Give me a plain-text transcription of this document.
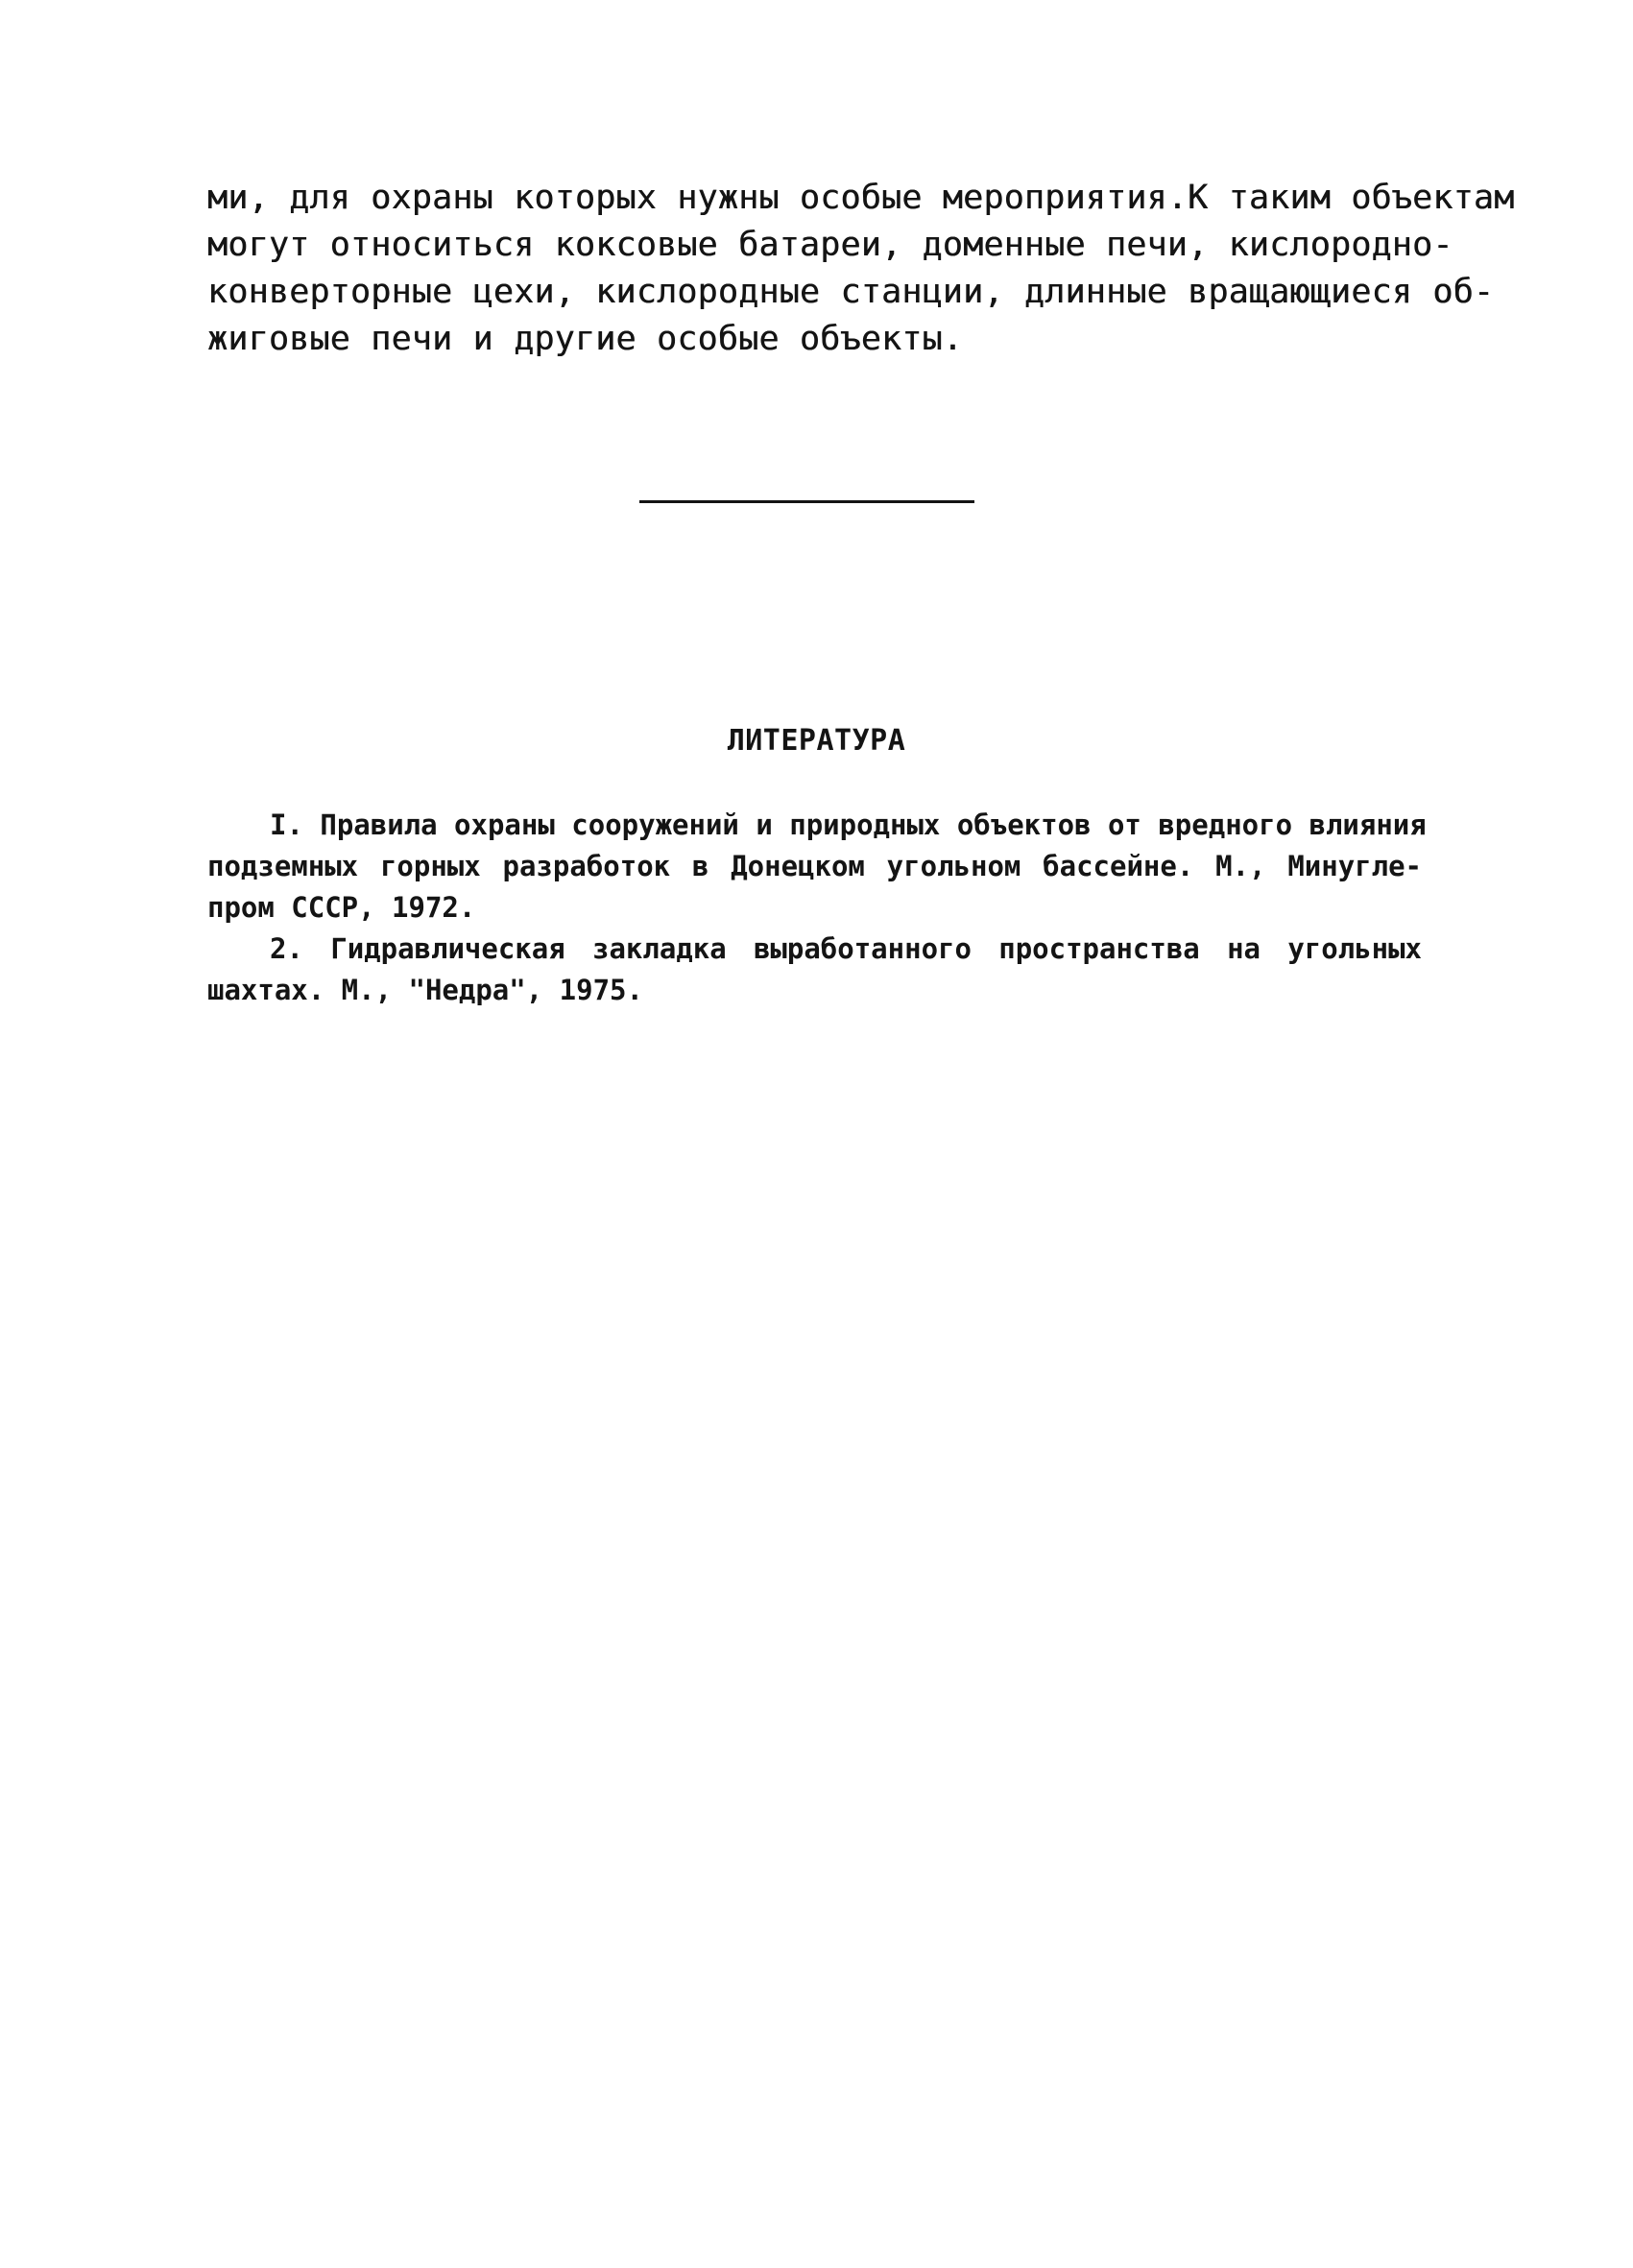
ми, для охраны которых нужны особые мероприятия.К таким объектам
могут относиться коксовые батареи, доменные печи, кислородно-
конверторные цехи, кислородные станции, длинные вращающиеся об-
жиговые печи и другие особые объекты.
ЛИТЕРАТУРА
I. Правила охраны сооружений и природных объектов от вредного влияния
подземных горных разработок в Донецком угольном бассейне. М., Минугле-
пром СССР, 1972.
2. Гидравлическая закладка выработанного пространства на угольных
шахтах. М., "Недра", 1975.
